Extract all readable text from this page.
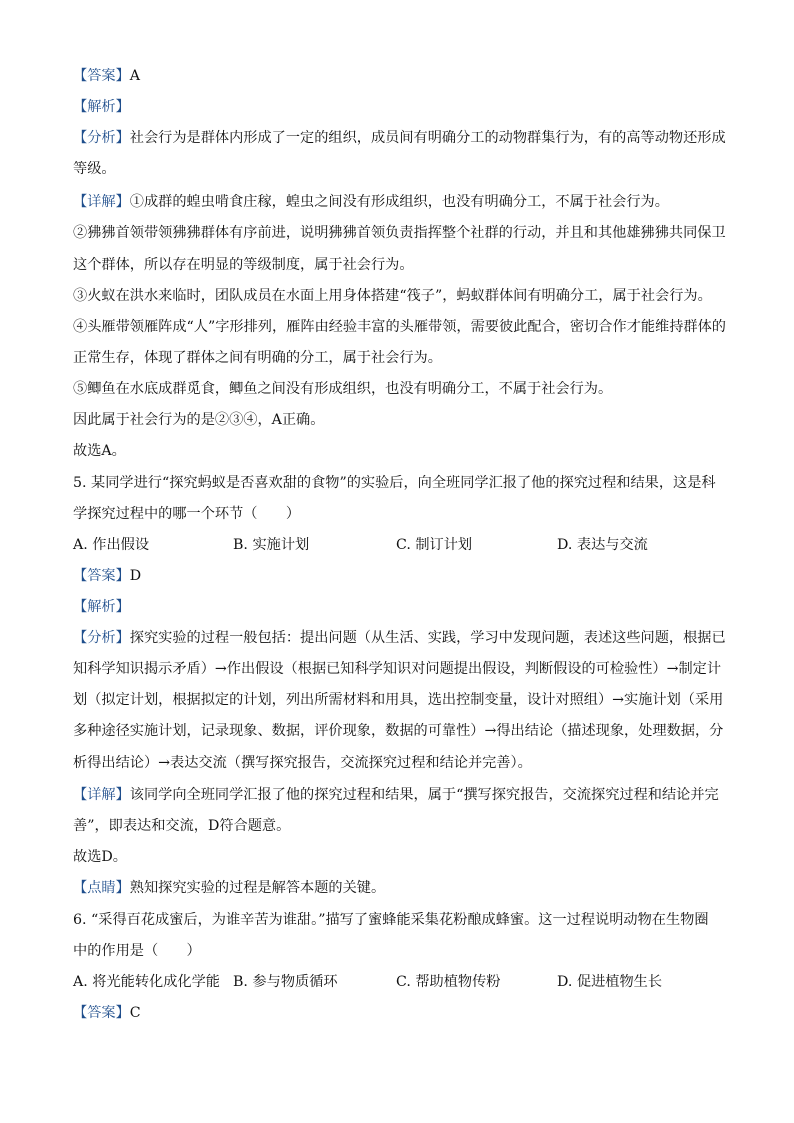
【答案】A
【解析】
【分析】社会行为是群体内形成了一定的组织，成员间有明确分工的动物群集行为，有的高等动物还形成
等级。
【详解】①成群的蝗虫啃食庄稼，蝗虫之间没有形成组织，也没有明确分工，不属于社会行为。
②狒狒首领带领狒狒群体有序前进，说明狒狒首领负责指挥整个社群的行动，并且和其他雄狒狒共同保卫
这个群体，所以存在明显的等级制度，属于社会行为。
③火蚁在洪水来临时，团队成员在水面上用身体搭建“筏子”，蚂蚁群体间有明确分工，属于社会行为。
④头雁带领雁阵成“人”字形排列，雁阵由经验丰富的头雁带领，需要彼此配合，密切合作才能维持群体的
正常生存，体现了群体之间有明确的分工，属于社会行为。
⑤鲫鱼在水底成群觅食，鲫鱼之间没有形成组织，也没有明确分工，不属于社会行为。
因此属于社会行为的是②③④，A正确。
故选A。
5. 某同学进行“探究蚂蚁是否喜欢甜的食物”的实验后，向全班同学汇报了他的探究过程和结果，这是科
学探究过程中的哪一个环节（　　）
【答案】D
【解析】
【分析】探究实验的过程一般包括：提出问题（从生活、实践，学习中发现问题，表述这些问题，根据已
知科学知识揭示矛盾）→作出假设（根据已知科学知识对问题提出假设，判断假设的可检验性）→制定计
划（拟定计划，根据拟定的计划，列出所需材料和用具，选出控制变量，设计对照组）→实施计划（采用
多种途径实施计划，记录现象、数据，评价现象，数据的可靠性）→得出结论（描述现象，处理数据，分
析得出结论）→表达交流（撰写探究报告，交流探究过程和结论并完善）。
【详解】该同学向全班同学汇报了他的探究过程和结果，属于“撰写探究报告，交流探究过程和结论并完
善”，即表达和交流，D符合题意。
故选D。
【点睛】熟知探究实验的过程是解答本题的关键。
6. “采得百花成蜜后，为谁辛苦为谁甜。”描写了蜜蜂能采集花粉酿成蜂蜜。这一过程说明动物在生物圈
中的作用是（　　）
【答案】C
A. 作出假设	B. 实施计划	C. 制订计划	D. 表达与交流
A. 将光能转化成化学能 B. 参与物质循环	C. 帮助植物传粉	D. 促进植物生长
